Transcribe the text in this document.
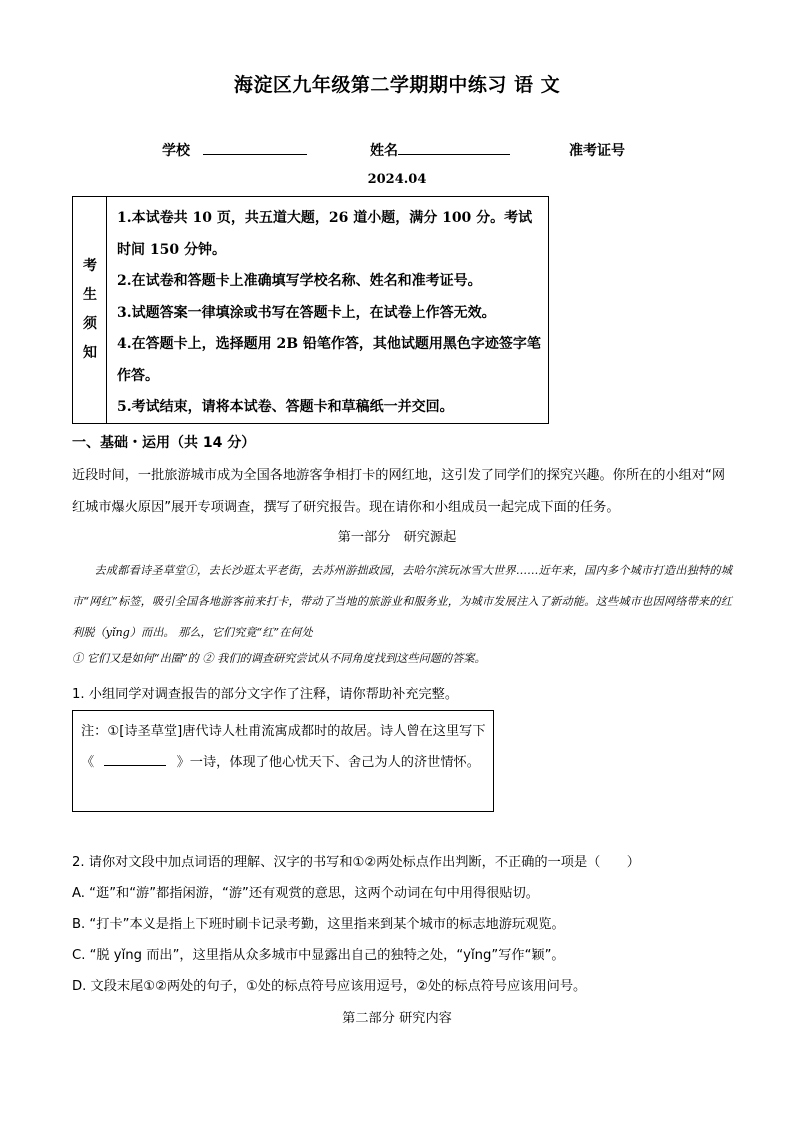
海淀区九年级第二学期期中练习 语 文
学校	姓名	准考证号
2024.04
考
生
须
知
1.本试卷共 10 页，共五道大题，26 道小题，满分 100 分。考试时间 150 分钟。
2.在试卷和答题卡上准确填写学校名称、姓名和准考证号。
3.试题答案一律填涂或书写在答题卡上，在试卷上作答无效。
4.在答题卡上，选择题用 2B 铅笔作答，其他试题用黑色字迹签字笔作答。
5.考试结束，请将本试卷、答题卡和草稿纸一并交回。
一、基础・运用（共 14 分）
近段时间，一批旅游城市成为全国各地游客争相打卡的网红地，这引发了同学们的探究兴趣。你所在的小组对“网红城市爆火原因”展开专项调查，撰写了研究报告。现在请你和小组成员一起完成下面的任务。
第一部分　研究源起
去成都看诗圣草堂①，去长沙逛太平老街，去苏州游拙政园，去哈尔滨玩冰雪大世界……近年来，国内多个城市打造出独特的城市“网红”标签，吸引全国各地游客前来打卡，带动了当地的旅游业和服务业，为城市发展注入了新动能。这些城市也因网络带来的红利脱（yǐng）而出。 那么，它们究竟“红”在何处
① 它们又是如何“出圈”的 ② 我们的调查研究尝试从不同角度找到这些问题的答案。
1. 小组同学对调查报告的部分文字作了注释，请你帮助补充完整。
注：①[诗圣草堂]唐代诗人杜甫流寓成都时的故居。诗人曾在这里写下《	》一诗，体现了他心忧天下、舍己为人的济世情怀。
2. 请你对文段中加点词语的理解、汉字的书写和①②两处标点作出判断，不正确的一项是（　　）
A. “逛”和“游”都指闲游，“游”还有观赏的意思，这两个动词在句中用得很贴切。
B. “打卡”本义是指上下班时刷卡记录考勤，这里指来到某个城市的标志地游玩观览。
C. “脱 yǐng 而出”，这里指从众多城市中显露出自己的独特之处，“yǐng”写作“颖”。
D. 文段末尾①②两处的句子，①处的标点符号应该用逗号，②处的标点符号应该用问号。
第二部分 研究内容
